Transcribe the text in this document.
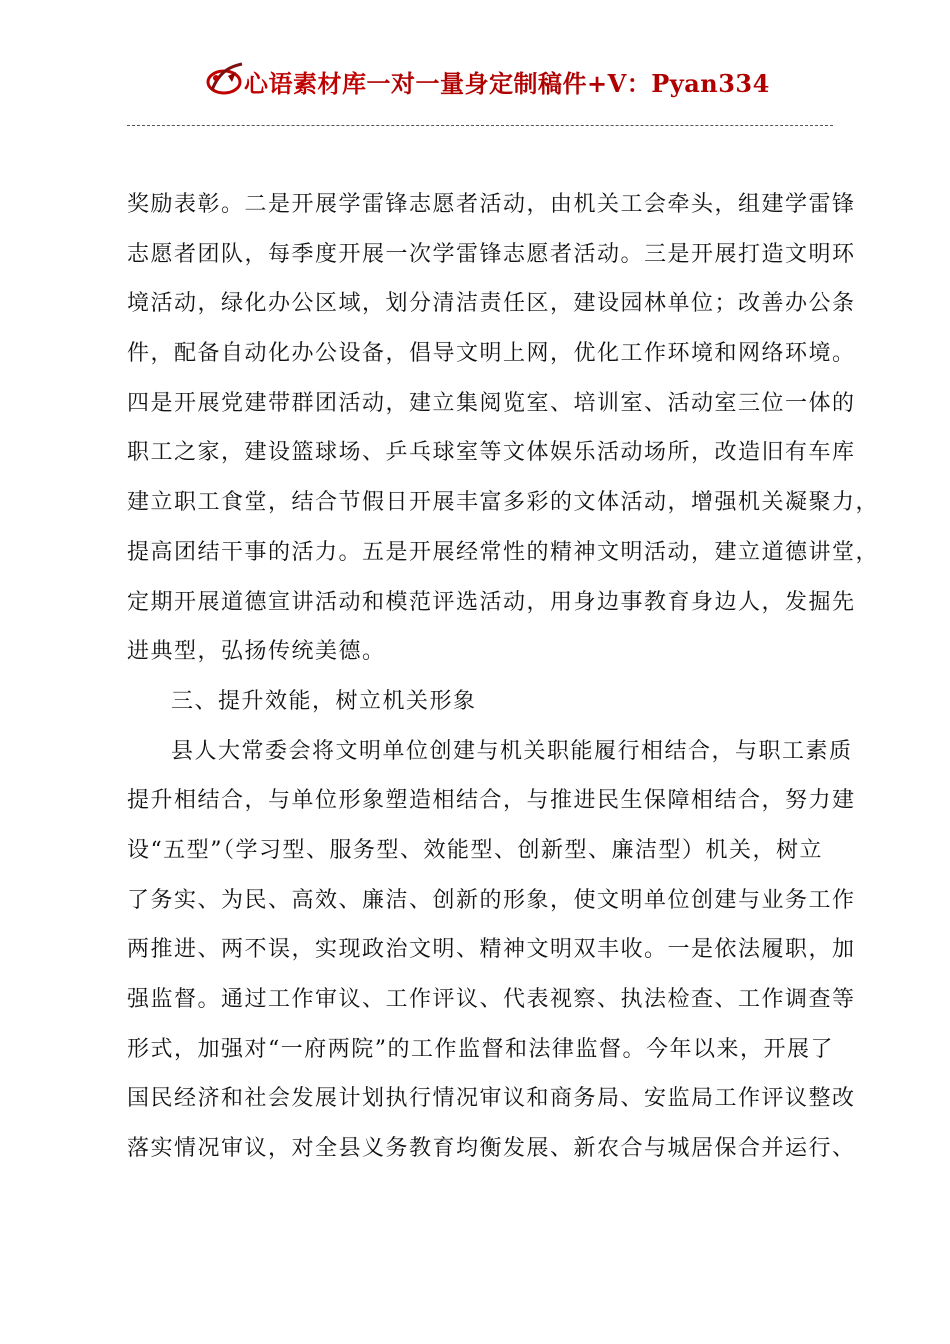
心语素材库一对一量身定制稿件+V：Pyan334
奖励表彰。二是开展学雷锋志愿者活动，由机关工会牵头，组建学雷锋
志愿者团队，每季度开展一次学雷锋志愿者活动。三是开展打造文明环
境活动，绿化办公区域，划分清洁责任区，建设园林单位；改善办公条
件，配备自动化办公设备，倡导文明上网，优化工作环境和网络环境。
四是开展党建带群团活动，建立集阅览室、培训室、活动室三位一体的
职工之家，建设篮球场、乒乓球室等文体娱乐活动场所，改造旧有车库
建立职工食堂，结合节假日开展丰富多彩的文体活动，增强机关凝聚力，
提高团结干事的活力。五是开展经常性的精神文明活动，建立道德讲堂，
定期开展道德宣讲活动和模范评选活动，用身边事教育身边人，发掘先
进典型，弘扬传统美德。
三、提升效能，树立机关形象
县人大常委会将文明单位创建与机关职能履行相结合，与职工素质
提升相结合，与单位形象塑造相结合，与推进民生保障相结合，努力建
设“五型”（学习型、服务型、效能型、创新型、廉洁型）机关，树立
了务实、为民、高效、廉洁、创新的形象，使文明单位创建与业务工作
两推进、两不误，实现政治文明、精神文明双丰收。一是依法履职，加
强监督。通过工作审议、工作评议、代表视察、执法检查、工作调查等
形式，加强对“一府两院”的工作监督和法律监督。今年以来，开展了
国民经济和社会发展计划执行情况审议和商务局、安监局工作评议整改
落实情况审议，对全县义务教育均衡发展、新农合与城居保合并运行、
